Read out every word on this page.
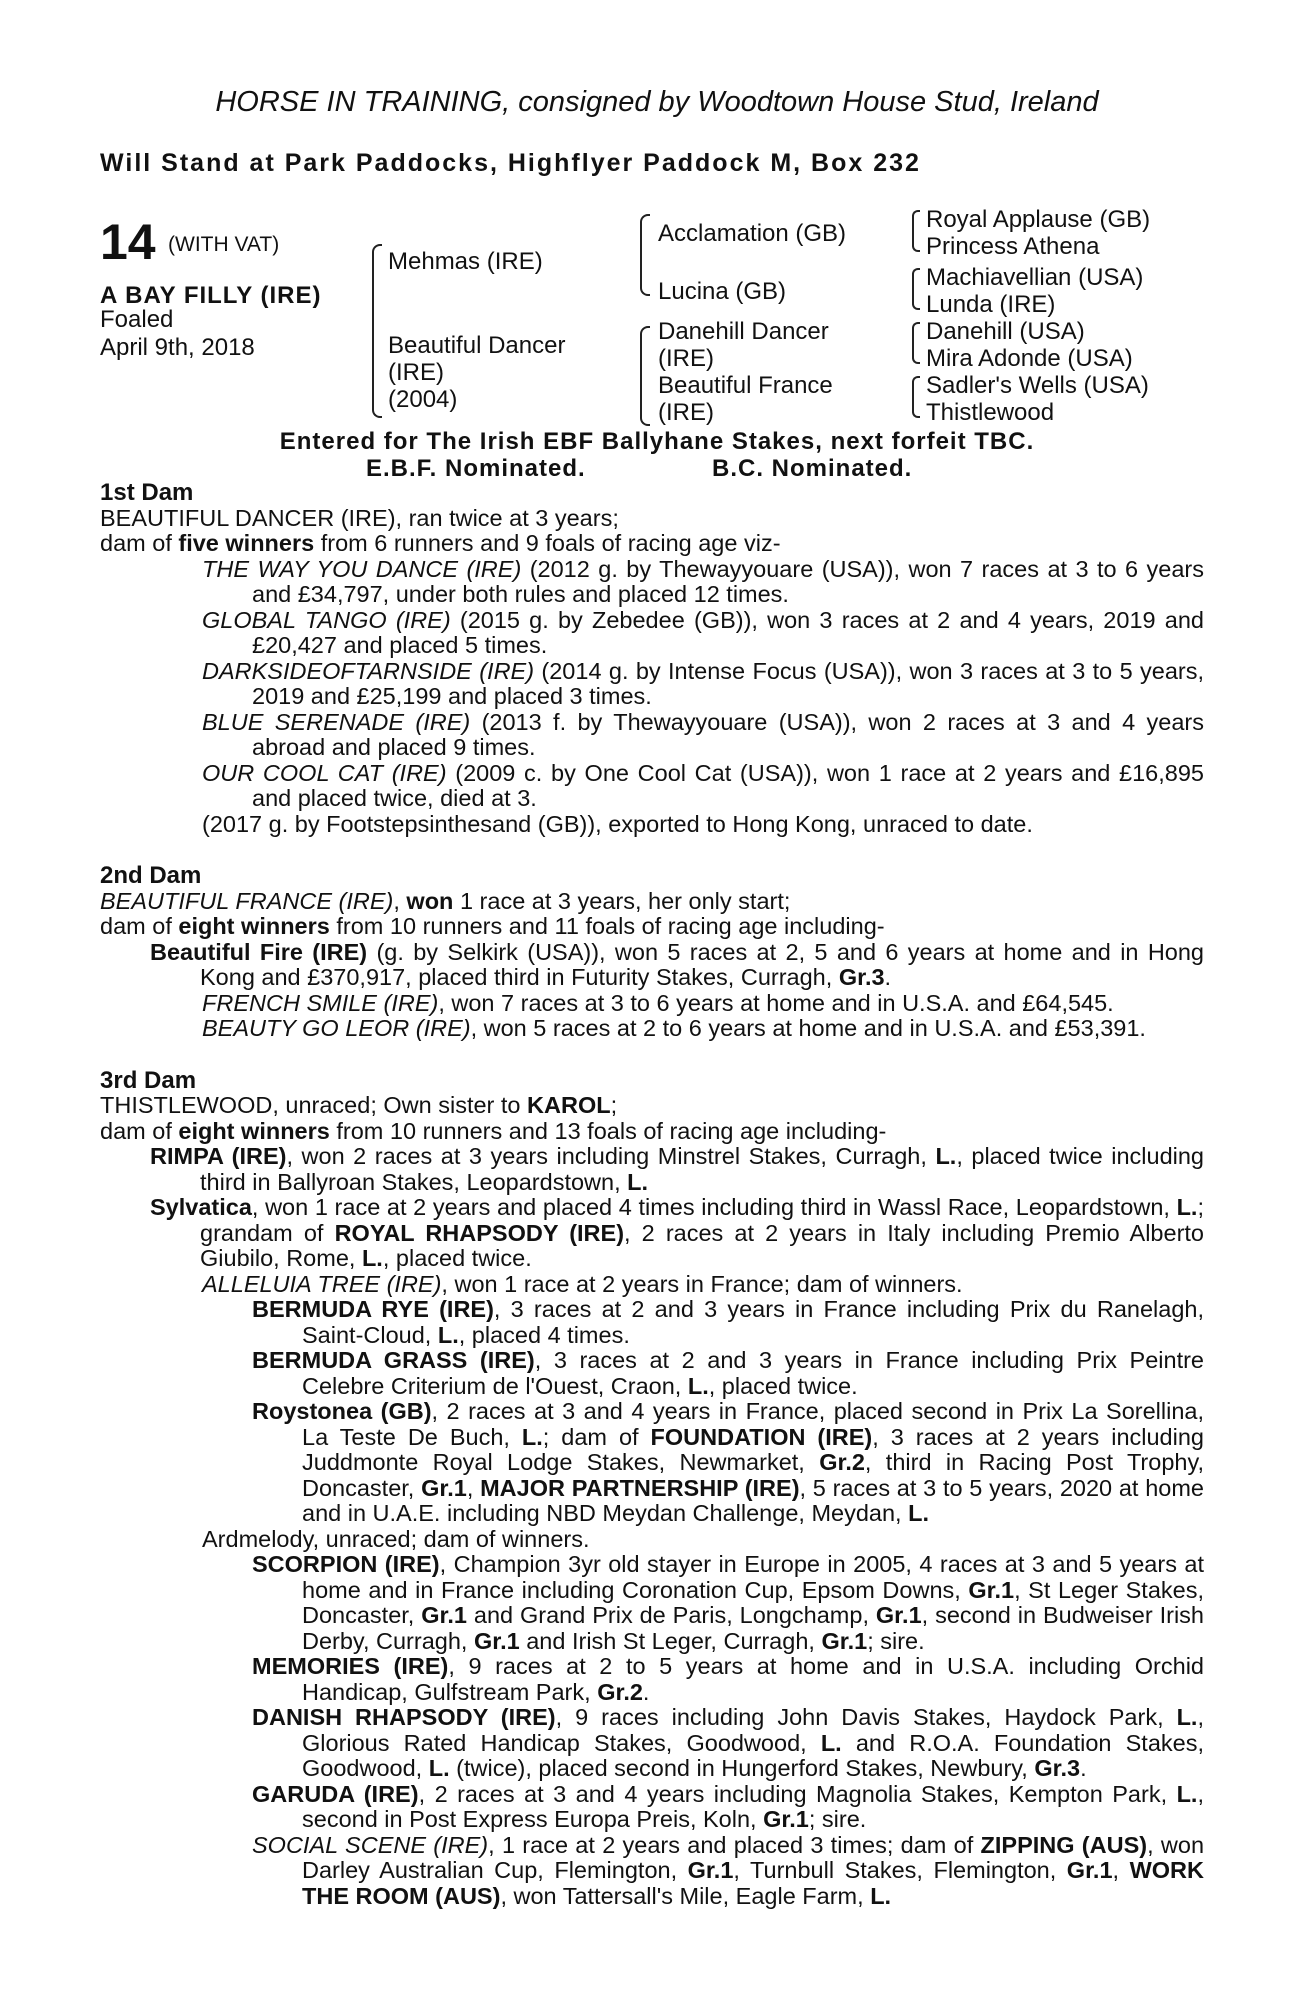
HORSE IN TRAINING, consigned by Woodtown House Stud, Ireland
Will Stand at Park Paddocks, Highflyer Paddock M, Box 232
14 (WITH VAT)
A BAY FILLY (IRE)
Foaled
April 9th, 2018
Mehmas (IRE)
Beautiful Dancer
(IRE)
(2004)
Acclamation (GB)
Lucina (GB)
Danehill Dancer
(IRE)
Beautiful France
(IRE)
Royal Applause (GB)
Princess Athena
Machiavellian (USA)
Lunda (IRE)
Danehill (USA)
Mira Adonde (USA)
Sadler's Wells (USA)
Thistlewood
Entered for The Irish EBF Ballyhane Stakes, next forfeit TBC.
E.B.F. Nominated.	B.C. Nominated.
1st Dam

BEAUTIFUL DANCER (IRE), ran twice at 3 years;

dam of five winners from 6 runners and 9 foals of racing age viz-

THE WAY YOU DANCE (IRE) (2012 g. by Thewayyouare (USA)), won 7 races at 3 to 6 years and £34,797, under both rules and placed 12 times.

GLOBAL TANGO (IRE) (2015 g. by Zebedee (GB)), won 3 races at 2 and 4 years, 2019 and £20,427 and placed 5 times.

DARKSIDEOFTARNSIDE (IRE) (2014 g. by Intense Focus (USA)), won 3 races at 3 to 5 years, 2019 and £25,199 and placed 3 times.

BLUE SERENADE (IRE) (2013 f. by Thewayyouare (USA)), won 2 races at 3 and 4 years abroad and placed 9 times.

OUR COOL CAT (IRE) (2009 c. by One Cool Cat (USA)), won 1 race at 2 years and £16,895 and placed twice, died at 3.

(2017 g. by Footstepsinthesand (GB)), exported to Hong Kong, unraced to date.

2nd Dam

BEAUTIFUL FRANCE (IRE), won 1 race at 3 years, her only start;

dam of eight winners from 10 runners and 11 foals of racing age including-

Beautiful Fire (IRE) (g. by Selkirk (USA)), won 5 races at 2, 5 and 6 years at home and in Hong Kong and £370,917, placed third in Futurity Stakes, Curragh, Gr.3.

FRENCH SMILE (IRE), won 7 races at 3 to 6 years at home and in U.S.A. and £64,545.

BEAUTY GO LEOR (IRE), won 5 races at 2 to 6 years at home and in U.S.A. and £53,391.

3rd Dam

THISTLEWOOD, unraced; Own sister to KAROL;

dam of eight winners from 10 runners and 13 foals of racing age including-

RIMPA (IRE), won 2 races at 3 years including Minstrel Stakes, Curragh, L., placed twice including third in Ballyroan Stakes, Leopardstown, L.

Sylvatica, won 1 race at 2 years and placed 4 times including third in Wassl Race, Leopardstown, L.; grandam of ROYAL RHAPSODY (IRE), 2 races at 2 years in Italy including Premio Alberto Giubilo, Rome, L., placed twice.

ALLELUIA TREE (IRE), won 1 race at 2 years in France; dam of winners.

BERMUDA RYE (IRE), 3 races at 2 and 3 years in France including Prix du Ranelagh, Saint-Cloud, L., placed 4 times.

BERMUDA GRASS (IRE), 3 races at 2 and 3 years in France including Prix Peintre Celebre Criterium de l'Ouest, Craon, L., placed twice.

Roystonea (GB), 2 races at 3 and 4 years in France, placed second in Prix La Sorellina, La Teste De Buch, L.; dam of FOUNDATION (IRE), 3 races at 2 years including Juddmonte Royal Lodge Stakes, Newmarket, Gr.2, third in Racing Post Trophy, Doncaster, Gr.1, MAJOR PARTNERSHIP (IRE), 5 races at 3 to 5 years, 2020 at home and in U.A.E. including NBD Meydan Challenge, Meydan, L.

Ardmelody, unraced; dam of winners.

SCORPION (IRE), Champion 3yr old stayer in Europe in 2005, 4 races at 3 and 5 years at home and in France including Coronation Cup, Epsom Downs, Gr.1, St Leger Stakes, Doncaster, Gr.1 and Grand Prix de Paris, Longchamp, Gr.1, second in Budweiser Irish Derby, Curragh, Gr.1 and Irish St Leger, Curragh, Gr.1; sire.

MEMORIES (IRE), 9 races at 2 to 5 years at home and in U.S.A. including Orchid Handicap, Gulfstream Park, Gr.2.

DANISH RHAPSODY (IRE), 9 races including John Davis Stakes, Haydock Park, L., Glorious Rated Handicap Stakes, Goodwood, L. and R.O.A. Foundation Stakes, Goodwood, L. (twice), placed second in Hungerford Stakes, Newbury, Gr.3.

GARUDA (IRE), 2 races at 3 and 4 years including Magnolia Stakes, Kempton Park, L., second in Post Express Europa Preis, Koln, Gr.1; sire.

SOCIAL SCENE (IRE), 1 race at 2 years and placed 3 times; dam of ZIPPING (AUS), won Darley Australian Cup, Flemington, Gr.1, Turnbull Stakes, Flemington, Gr.1, WORK THE ROOM (AUS), won Tattersall's Mile, Eagle Farm, L.
